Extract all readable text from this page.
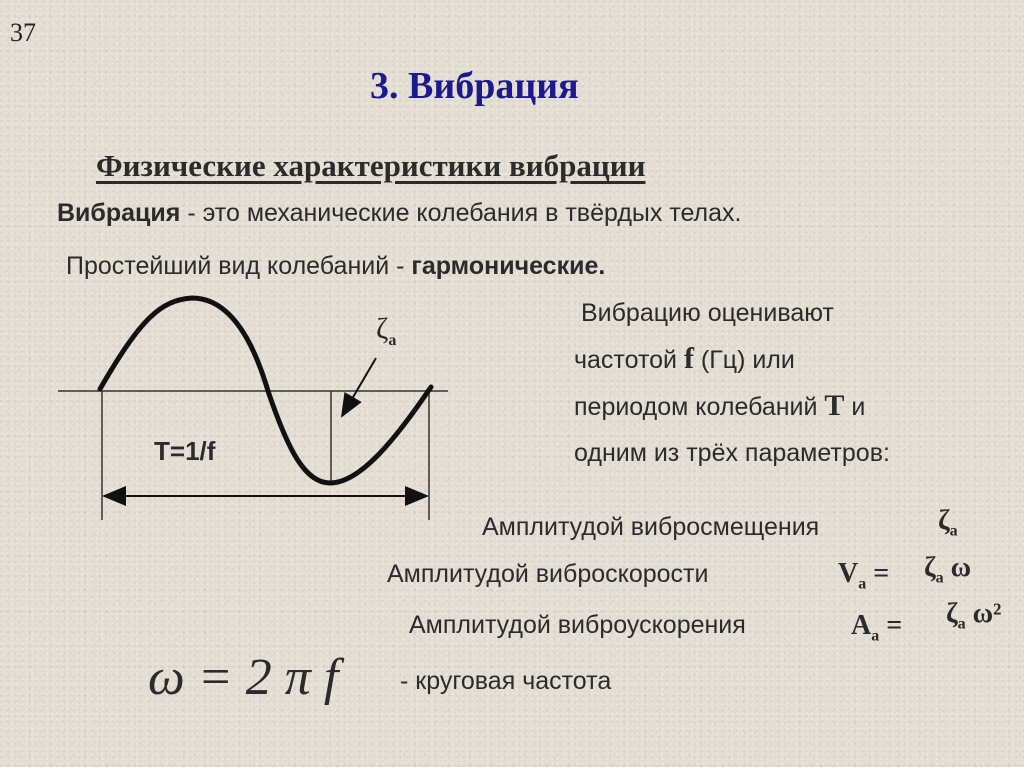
37
3. Вибрация
Физические характеристики вибрации
Вибрация - это механические колебания в твёрдых телах.
Простейший вид колебаний - гармонические.
Вибрацию оценивают
частотой f (Гц) или
периодом колебаний T и
одним из трёх параметров:
T=1/f
$\zeta_a$
Амплитудой вибросмещения
Амплитудой виброскорости
Амплитудой виброускорения
$\zeta_a$
$V_a = \zeta_a$ ω
$A_a = \zeta_a$ ω²
ω = 2 π f - круговая частота
